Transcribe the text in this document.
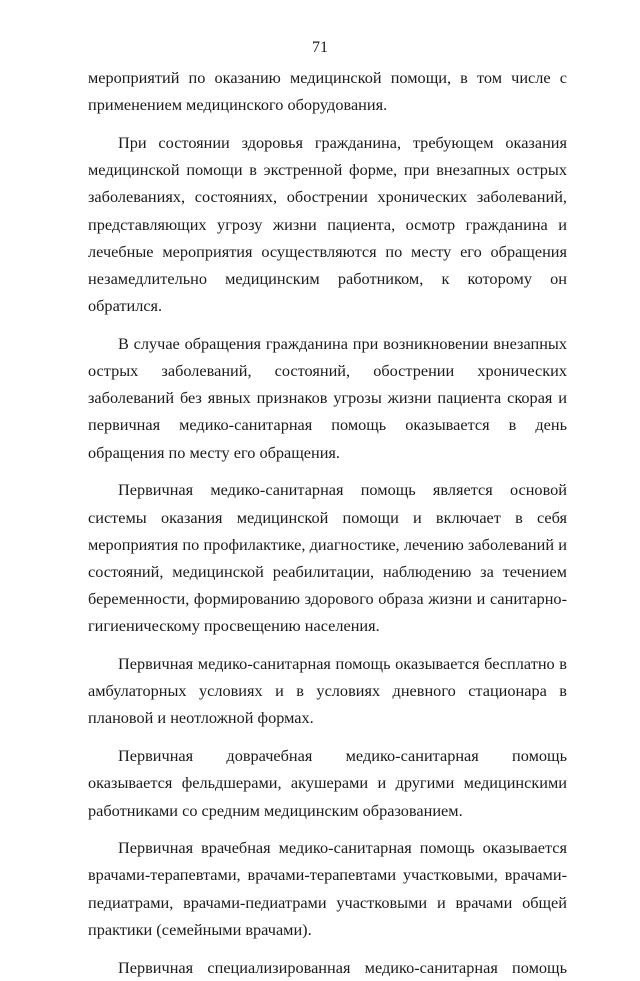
71

мероприятий по оказанию медицинской помощи, в том числе с применением медицинского оборудования.

При состоянии здоровья гражданина, требующем оказания медицинской помощи в экстренной форме, при внезапных острых заболеваниях, состояниях, обострении хронических заболеваний, представляющих угрозу жизни пациента, осмотр гражданина и лечебные мероприятия осуществляются по месту его обращения незамедлительно медицинским работником, к которому он обратился.

В случае обращения гражданина при возникновении внезапных острых заболеваний, состояний, обострении хронических заболеваний без явных признаков угрозы жизни пациента скорая и первичная медико-санитарная помощь оказывается в день обращения по месту его обращения.

Первичная медико-санитарная помощь является основой системы оказания медицинской помощи и включает в себя мероприятия по профилактике, диагностике, лечению заболеваний и состояний, медицинской реабилитации, наблюдению за течением беременности, формированию здорового образа жизни и санитарно-гигиеническому просвещению населения.

Первичная медико-санитарная помощь оказывается бесплатно в амбулаторных условиях и в условиях дневного стационара в плановой и неотложной формах.

Первичная доврачебная медико-санитарная помощь оказывается фельдшерами, акушерами и другими медицинскими работниками со средним медицинским образованием.

Первичная врачебная медико-санитарная помощь оказывается врачами-терапевтами, врачами-терапевтами участковыми, врачами-педиатрами, врачами-педиатрами участковыми и врачами общей практики (семейными врачами).

Первичная специализированная медико-санитарная помощь
